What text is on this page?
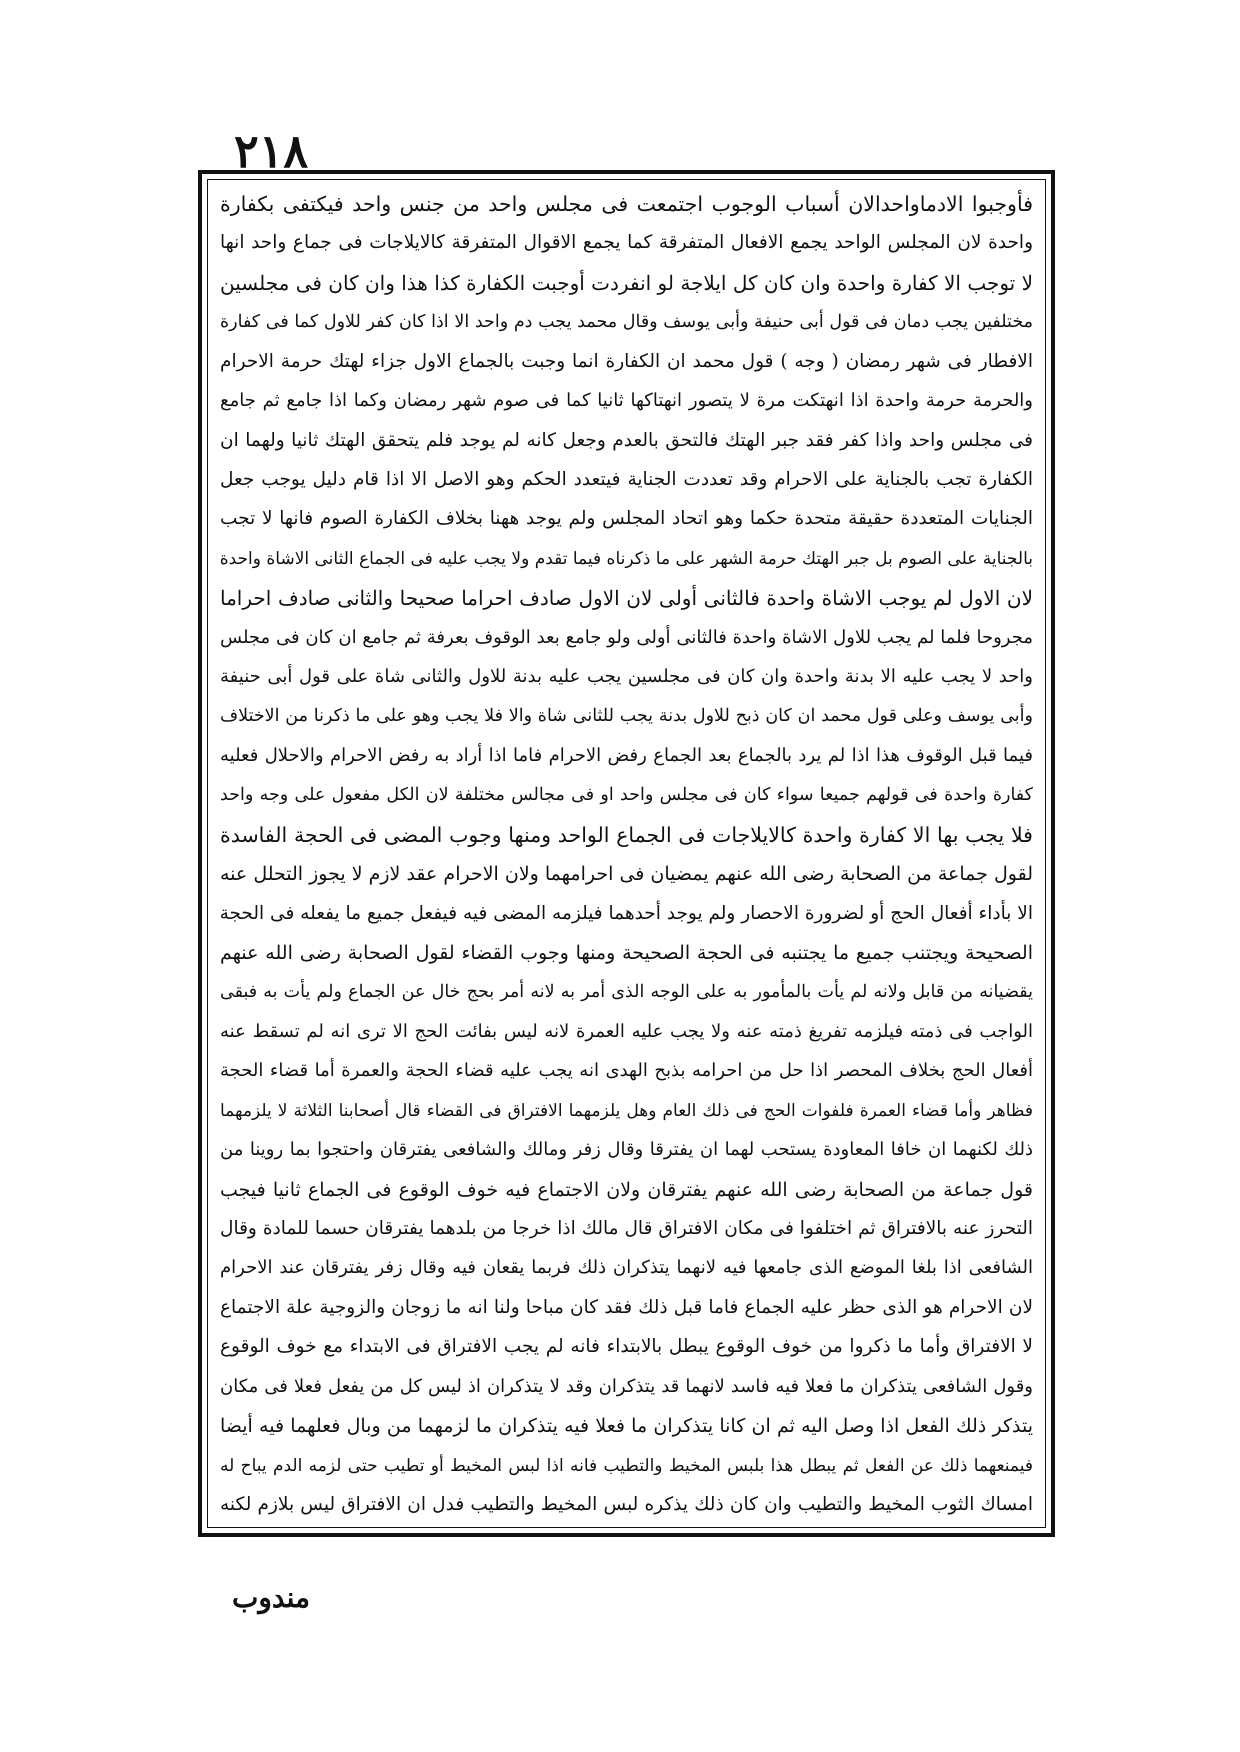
٢١٨
فأوجبوا الادماواحدالان أسباب الوجوب اجتمعت فى مجلس واحد من جنس واحد فيكتفى بكفارة
واحدة لان المجلس الواحد يجمع الافعال المتفرقة كما يجمع الاقوال المتفرقة كالايلاجات فى جماع واحد انها
لا توجب الا كفارة واحدة وان كان كل ايلاجة لو انفردت أوجبت الكفارة كذا هذا وان كان فى مجلسين
مختلفين يجب دمان فى قول أبى حنيفة وأبى يوسف وقال محمد يجب دم واحد الا اذا كان كفر للاول كما فى كفارة
الافطار فى شهر رمضان ( وجه ) قول محمد ان الكفارة انما وجبت بالجماع الاول جزاء لهتك حرمة الاحرام
والحرمة حرمة واحدة اذا انهتكت مرة لا يتصور انهتاكها ثانيا كما فى صوم شهر رمضان وكما اذا جامع ثم جامع
فى مجلس واحد واذا كفر فقد جبر الهتك فالتحق بالعدم وجعل كانه لم يوجد فلم يتحقق الهتك ثانيا ولهما ان
الكفارة تجب بالجناية على الاحرام وقد تعددت الجناية فيتعدد الحكم وهو الاصل الا اذا قام دليل يوجب جعل
الجنايات المتعددة حقيقة متحدة حكما وهو اتحاد المجلس ولم يوجد ههنا بخلاف الكفارة الصوم فانها لا تجب
بالجناية على الصوم بل جبر الهتك حرمة الشهر على ما ذكرناه فيما تقدم ولا يجب عليه فى الجماع الثانى الاشاة واحدة
لان الاول لم يوجب الاشاة واحدة فالثانى أولى لان الاول صادف احراما صحيحا والثانى صادف احراما
مجروحا فلما لم يجب للاول الاشاة واحدة فالثانى أولى ولو جامع بعد الوقوف بعرفة ثم جامع ان كان فى مجلس
واحد لا يجب عليه الا بدنة واحدة وان كان فى مجلسين يجب عليه بدنة للاول والثانى شاة على قول أبى حنيفة
وأبى يوسف وعلى قول محمد ان كان ذبح للاول بدنة يجب للثانى شاة والا فلا يجب وهو على ما ذكرنا من الاختلاف
فيما قبل الوقوف هذا اذا لم يرد بالجماع بعد الجماع رفض الاحرام فاما اذا أراد به رفض الاحرام والاحلال فعليه
كفارة واحدة فى قولهم جميعا سواء كان فى مجلس واحد او فى مجالس مختلفة لان الكل مفعول على وجه واحد
فلا يجب بها الا كفارة واحدة كالايلاجات فى الجماع الواحد ومنها وجوب المضى فى الحجة الفاسدة
لقول جماعة من الصحابة رضى الله عنهم يمضيان فى احرامهما ولان الاحرام عقد لازم لا يجوز التحلل عنه
الا بأداء أفعال الحج أو لضرورة الاحصار ولم يوجد أحدهما فيلزمه المضى فيه فيفعل جميع ما يفعله فى الحجة
الصحيحة ويجتنب جميع ما يجتنبه فى الحجة الصحيحة ومنها وجوب القضاء لقول الصحابة رضى الله عنهم
يقضيانه من قابل ولانه لم يأت بالمأمور به على الوجه الذى أمر به لانه أمر بحج خال عن الجماع ولم يأت به فبقى
الواجب فى ذمته فيلزمه تفريغ ذمته عنه ولا يجب عليه العمرة لانه ليس بفائت الحج الا ترى انه لم تسقط عنه
أفعال الحج بخلاف المحصر اذا حل من احرامه بذبح الهدى انه يجب عليه قضاء الحجة والعمرة أما قضاء الحجة
فظاهر وأما قضاء العمرة فلفوات الحج فى ذلك العام وهل يلزمهما الافتراق فى القضاء قال أصحابنا الثلاثة لا يلزمهما
ذلك لكنهما ان خافا المعاودة يستحب لهما ان يفترقا وقال زفر ومالك والشافعى يفترقان واحتجوا بما روينا من
قول جماعة من الصحابة رضى الله عنهم يفترقان ولان الاجتماع فيه خوف الوقوع فى الجماع ثانيا فيجب
التحرز عنه بالافتراق ثم اختلفوا فى مكان الافتراق قال مالك اذا خرجا من بلدهما يفترقان حسما للمادة وقال
الشافعى اذا بلغا الموضع الذى جامعها فيه لانهما يتذكران ذلك فربما يقعان فيه وقال زفر يفترقان عند الاحرام
لان الاحرام هو الذى حظر عليه الجماع فاما قبل ذلك فقد كان مباحا ولنا انه ما زوجان والزوجية علة الاجتماع
لا الافتراق وأما ما ذكروا من خوف الوقوع يبطل بالابتداء فانه لم يجب الافتراق فى الابتداء مع خوف الوقوع
وقول الشافعى يتذكران ما فعلا فيه فاسد لانهما قد يتذكران وقد لا يتذكران اذ ليس كل من يفعل فعلا فى مكان
يتذكر ذلك الفعل اذا وصل اليه ثم ان كانا يتذكران ما فعلا فيه يتذكران ما لزمهما من وبال فعلهما فيه أيضا
فيمنعهما ذلك عن الفعل ثم يبطل هذا بلبس المخيط والتطيب فانه اذا لبس المخيط أو تطيب حتى لزمه الدم يباح له
امساك الثوب المخيط والتطيب وان كان ذلك يذكره لبس المخيط والتطيب فدل ان الافتراق ليس بلازم لكنه
مندوب
